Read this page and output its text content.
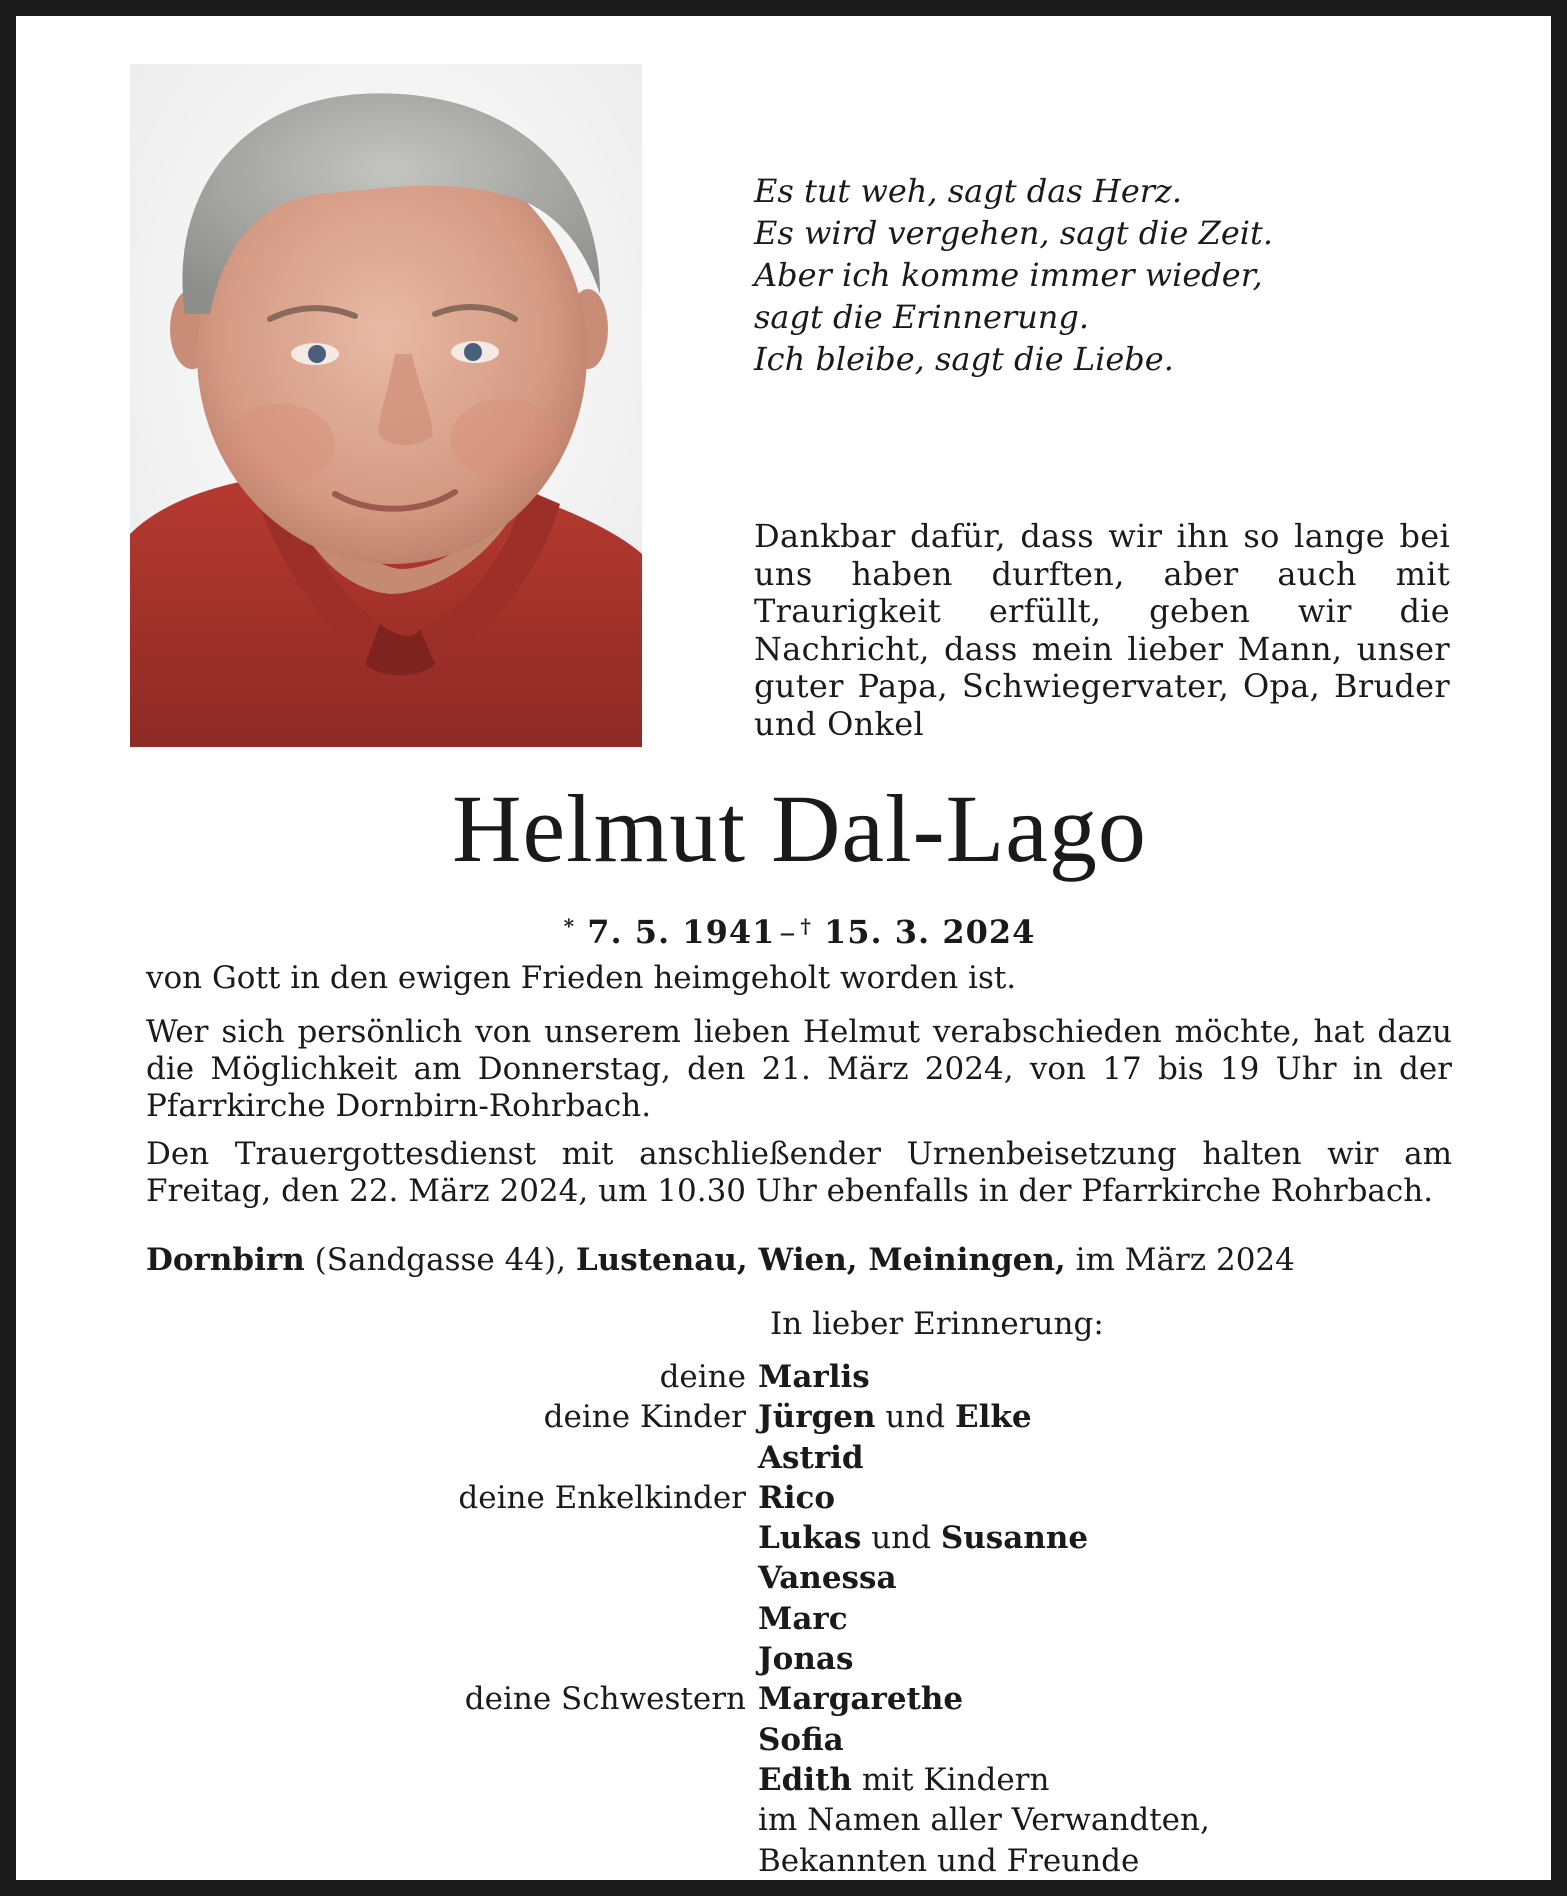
Es tut weh, sagt das Herz.
Es wird vergehen, sagt die Zeit.
Aber ich komme immer wieder,
sagt die Erinnerung.
Ich bleibe, sagt die Liebe.
Dankbar dafür, dass wir ihn so lange bei uns haben durften, aber auch mit Traurigkeit erfüllt, geben wir die Nachricht, dass mein lieber Mann, unser guter Papa, Schwiegervater, Opa, Bruder und Onkel
Helmut Dal-Lago
* 7. 5. 1941 – † 15. 3. 2024
von Gott in den ewigen Frieden heimgeholt worden ist.
Wer sich persönlich von unserem lieben Helmut verabschieden möchte, hat dazu die Möglichkeit am Donnerstag, den 21. März 2024, von 17 bis 19 Uhr in der Pfarrkirche Dornbirn-Rohrbach.
Den Trauergottesdienst mit anschließender Urnenbeisetzung halten wir am
Freitag, den 22. März 2024, um 10.30 Uhr ebenfalls in der Pfarrkirche Rohrbach.
Dornbirn (Sandgasse 44), Lustenau, Wien, Meiningen, im März 2024
In lieber Erinnerung:
deine Marlis
deine Kinder Jürgen und Elke
Astrid
deine Enkelkinder Rico
Lukas und Susanne
Vanessa
Marc
Jonas
deine Schwestern Margarethe
Sofia
Edith mit Kindern
im Namen aller Verwandten,
Bekannten und Freunde
